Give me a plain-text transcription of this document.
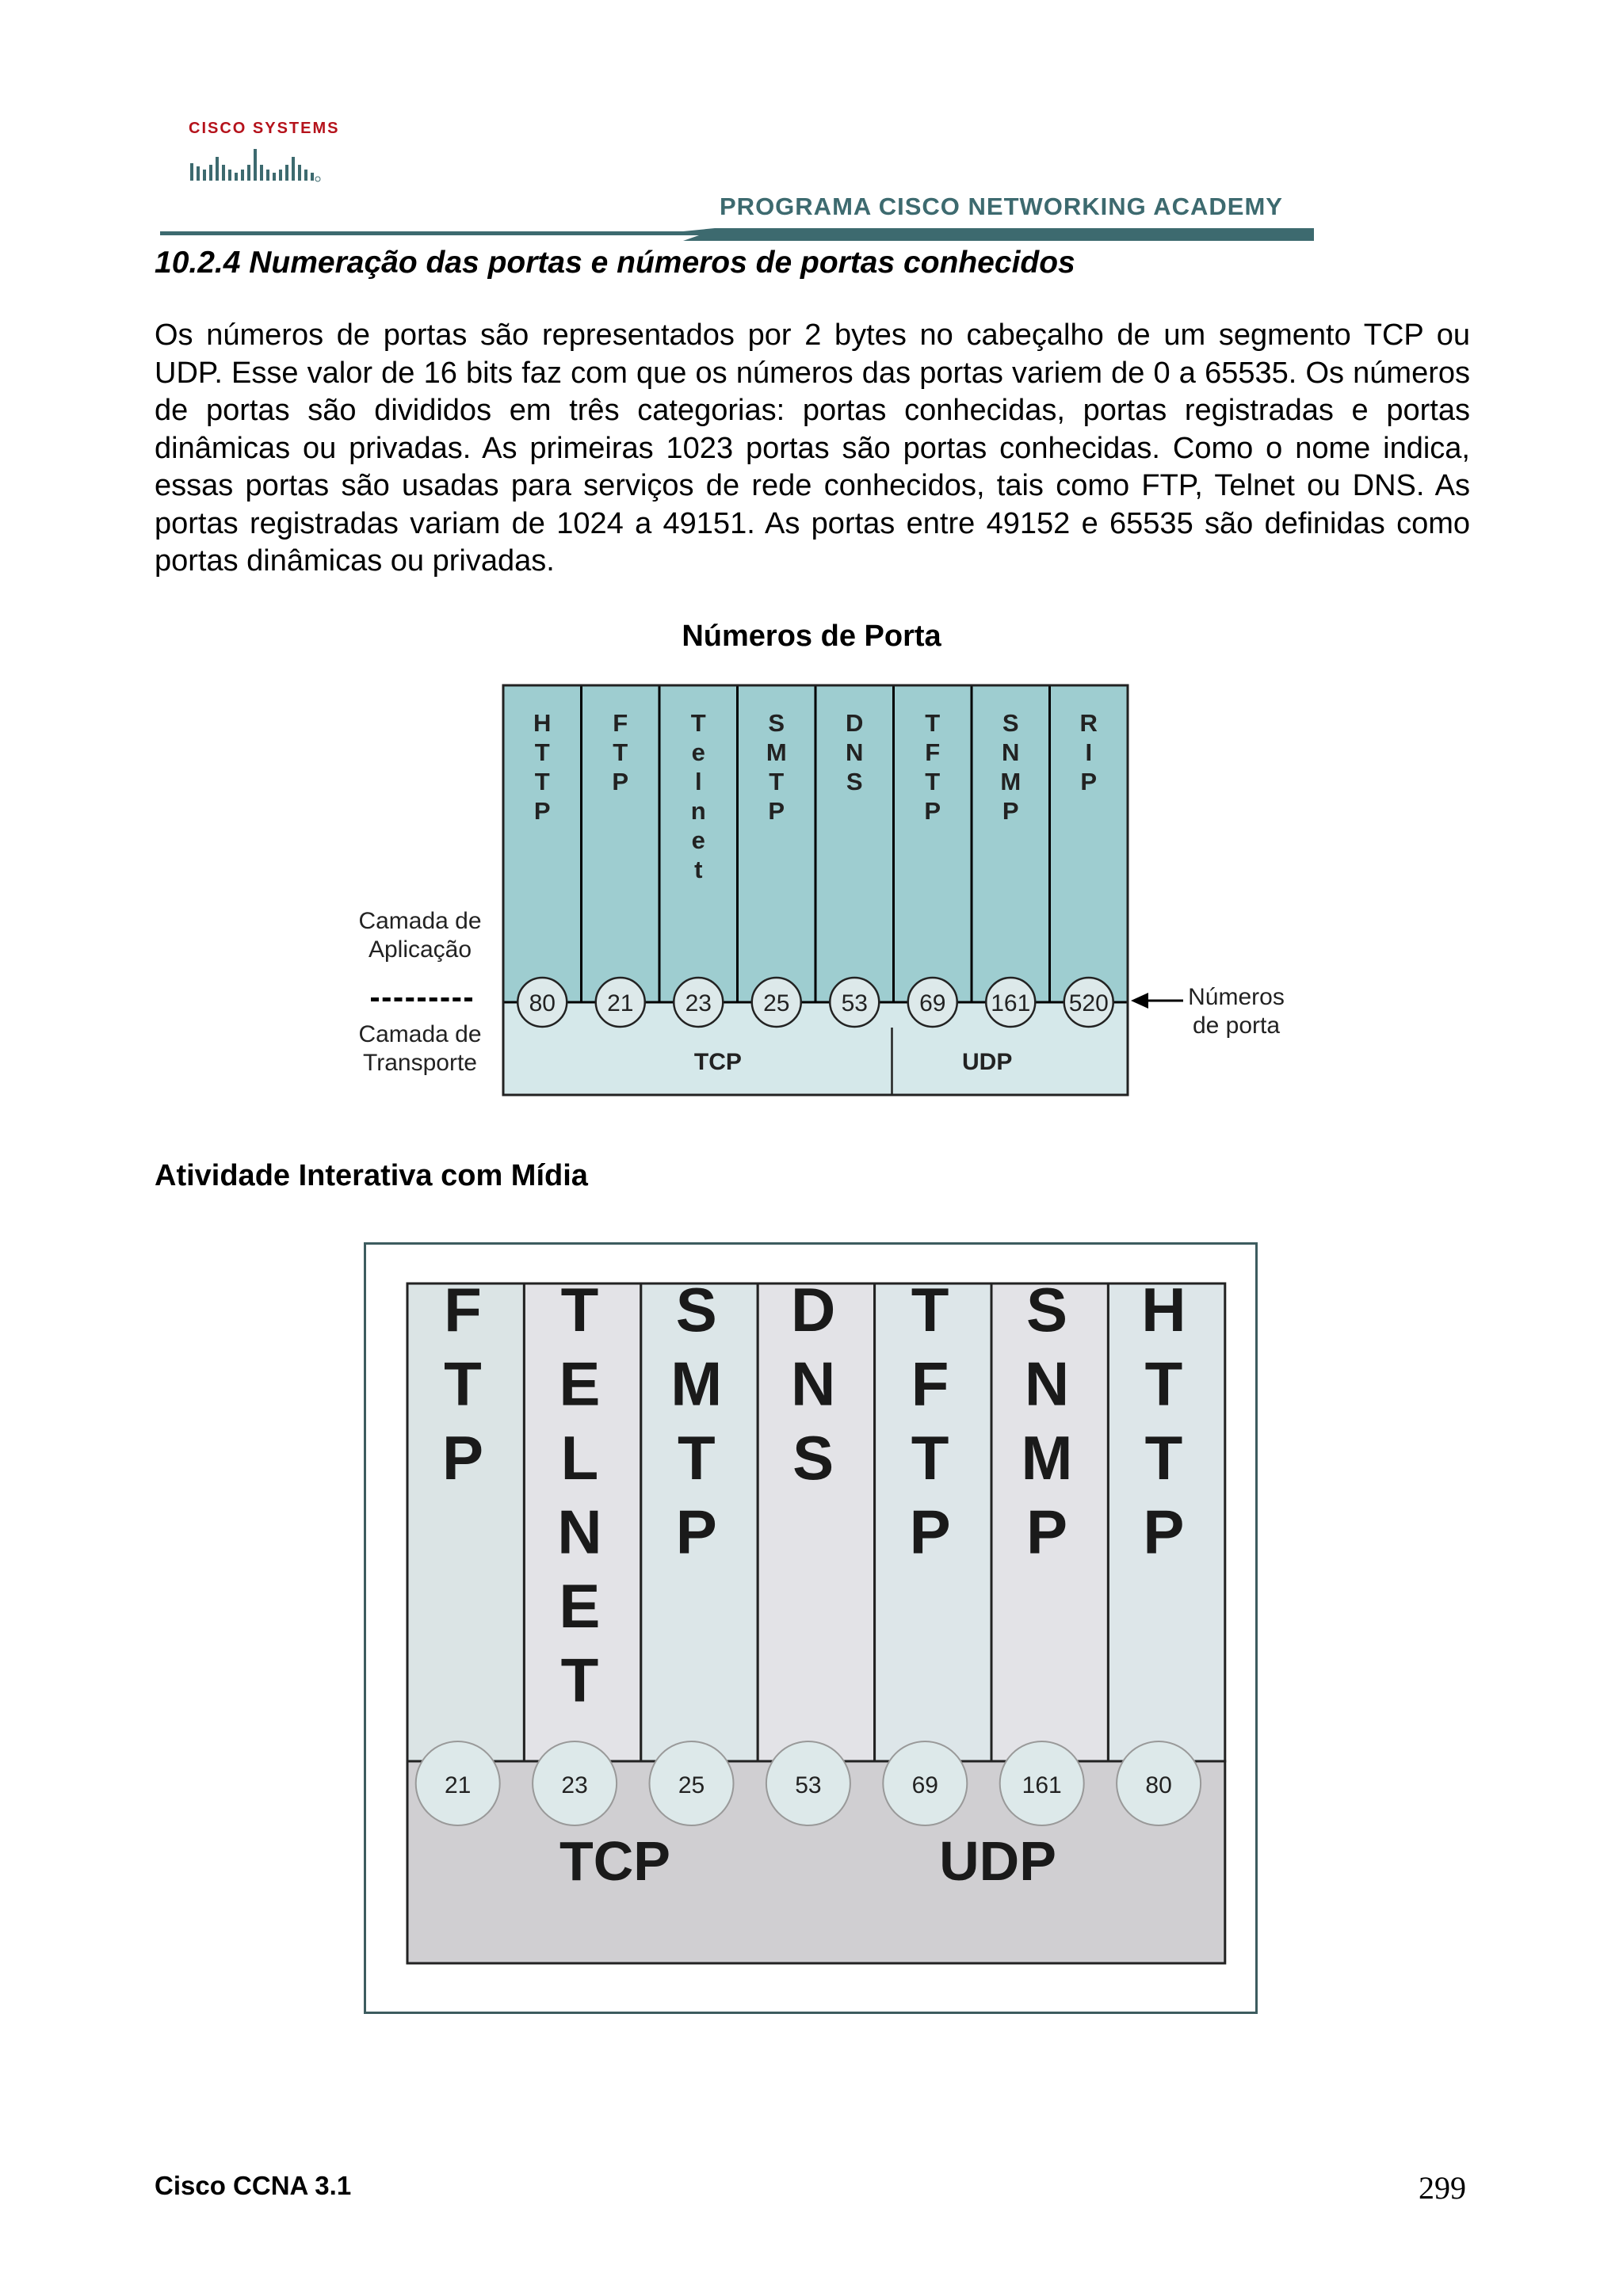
CISCO SYSTEMS
PROGRAMA CISCO NETWORKING ACADEMY
10.2.4 Numeração das portas e números de portas conhecidos
Os números de portas são representados por 2 bytes no cabeçalho de um segmento TCP ou UDP. Esse valor de 16 bits faz com que os números das portas variem de 0 a 65535. Os números de portas são divididos em três categorias: portas conhecidas, portas registradas e portas dinâmicas ou privadas. As primeiras 1023 portas são portas conhecidas. Como o nome indica, essas portas são usadas para serviços de rede conhecidos, tais como FTP, Telnet ou DNS. As portas registradas variam de 1024 a 49151. As portas entre 49152 e 65535 são definidas como portas dinâmicas ou privadas.
Números de Porta
Camada de Aplicação
Camada de Transporte
Números de porta
H
T
T
P
80
F
T
P
21
T
e
l
n
e
t
23
S
M
T
P
25
D
N
S
53
T
F
T
P
69
S
N
M
P
161
R
I
P
520
TCP	UDP
Atividade Interativa com Mídia
F
T
P
21
T
E
L
N
E
T
23
S
M
T
P
25
D
N
S
53
T
F
T
P
69
S
N
M
P
161
H
T
T
P
80
TCP	UDP
Cisco CCNA 3.1	299
